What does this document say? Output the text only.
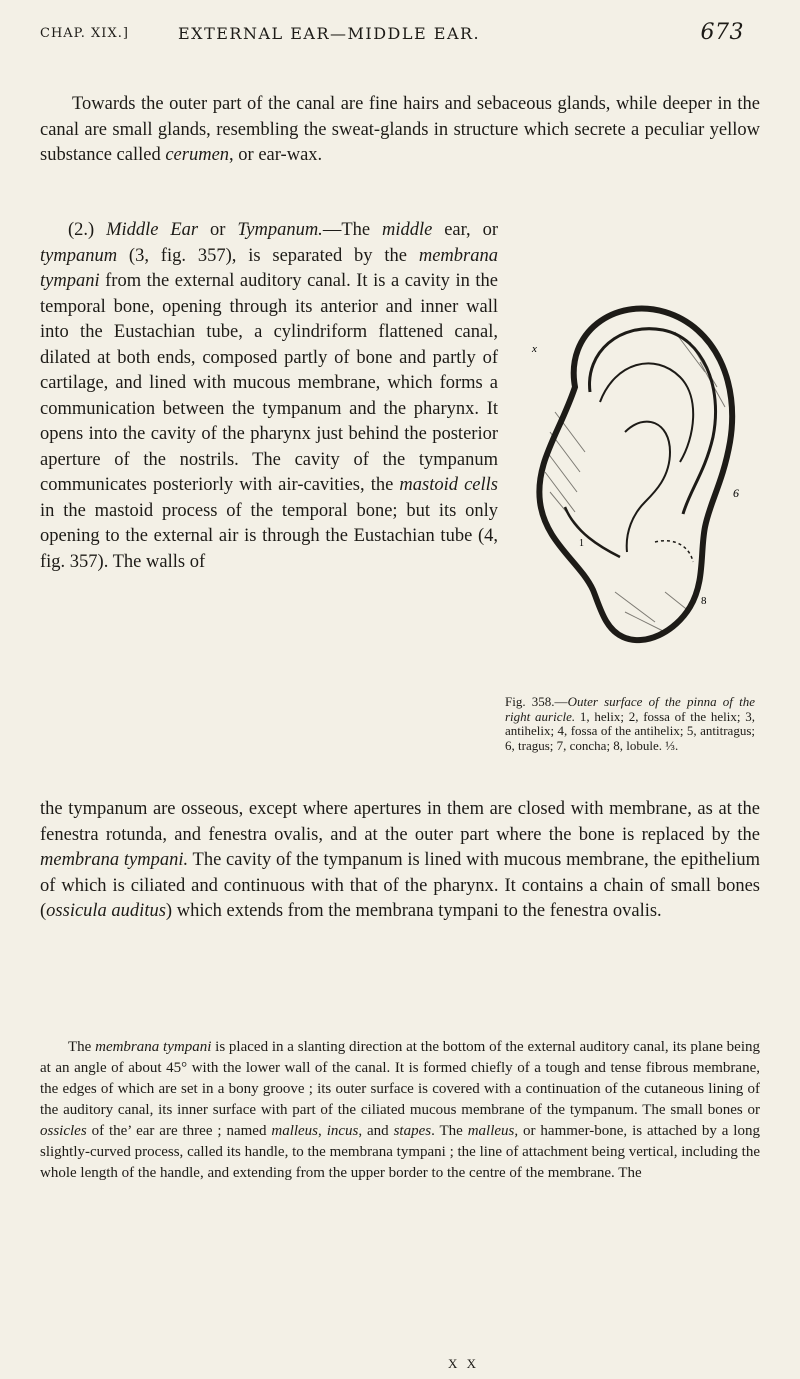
CHAP. XIX.]	EXTERNAL EAR—MIDDLE EAR.	673

Towards the outer part of the canal are fine hairs and sebaceous glands, while deeper in the canal are small glands, resembling the sweat-glands in structure which secrete a peculiar yellow substance called cerumen, or ear-wax.

(2.) Middle Ear or Tympanum.—The middle ear, or tympanum (3, fig. 357), is separated by the membrana tympani from the external auditory canal. It is a cavity in the temporal bone, opening through its anterior and inner wall into the Eustachian tube, a cylindriform flattened canal, dilated at both ends, composed partly of bone and partly of cartilage, and lined with mucous membrane, which forms a communication between the tympanum and the pharynx. It opens into the cavity of the pharynx just behind the posterior aperture of the nostrils. The cavity of the tympanum communicates posteriorly with air-cavities, the mastoid cells in the mastoid process of the temporal bone; but its only opening to the external air is through the Eustachian tube (4, fig. 357). The walls of

x
8
6
1

Fig. 358.—Outer surface of the pinna of the right auricle. 1, helix; 2, fossa of the helix; 3, antihelix; 4, fossa of the antihelix; 5, antitragus; 6, tragus; 7, concha; 8, lobule. ⅓.

the tympanum are osseous, except where apertures in them are closed with membrane, as at the fenestra rotunda, and fenestra ovalis, and at the outer part where the bone is replaced by the membrana tympani. The cavity of the tympanum is lined with mucous membrane, the epithelium of which is ciliated and continuous with that of the pharynx. It contains a chain of small bones (ossicula auditus) which extends from the membrana tympani to the fenestra ovalis.

The membrana tympani is placed in a slanting direction at the bottom of the external auditory canal, its plane being at an angle of about 45° with the lower wall of the canal. It is formed chiefly of a tough and tense fibrous membrane, the edges of which are set in a bony groove ; its outer surface is covered with a continuation of the cutaneous lining of the auditory canal, its inner surface with part of the ciliated mucous membrane of the tympanum. The small bones or ossicles of the’ ear are three ; named malleus, incus, and stapes. The malleus, or hammer-bone, is attached by a long slightly-curved process, called its handle, to the membrana tympani ; the line of attachment being vertical, including the whole length of the handle, and extending from the upper border to the centre of the membrane. The

X X
